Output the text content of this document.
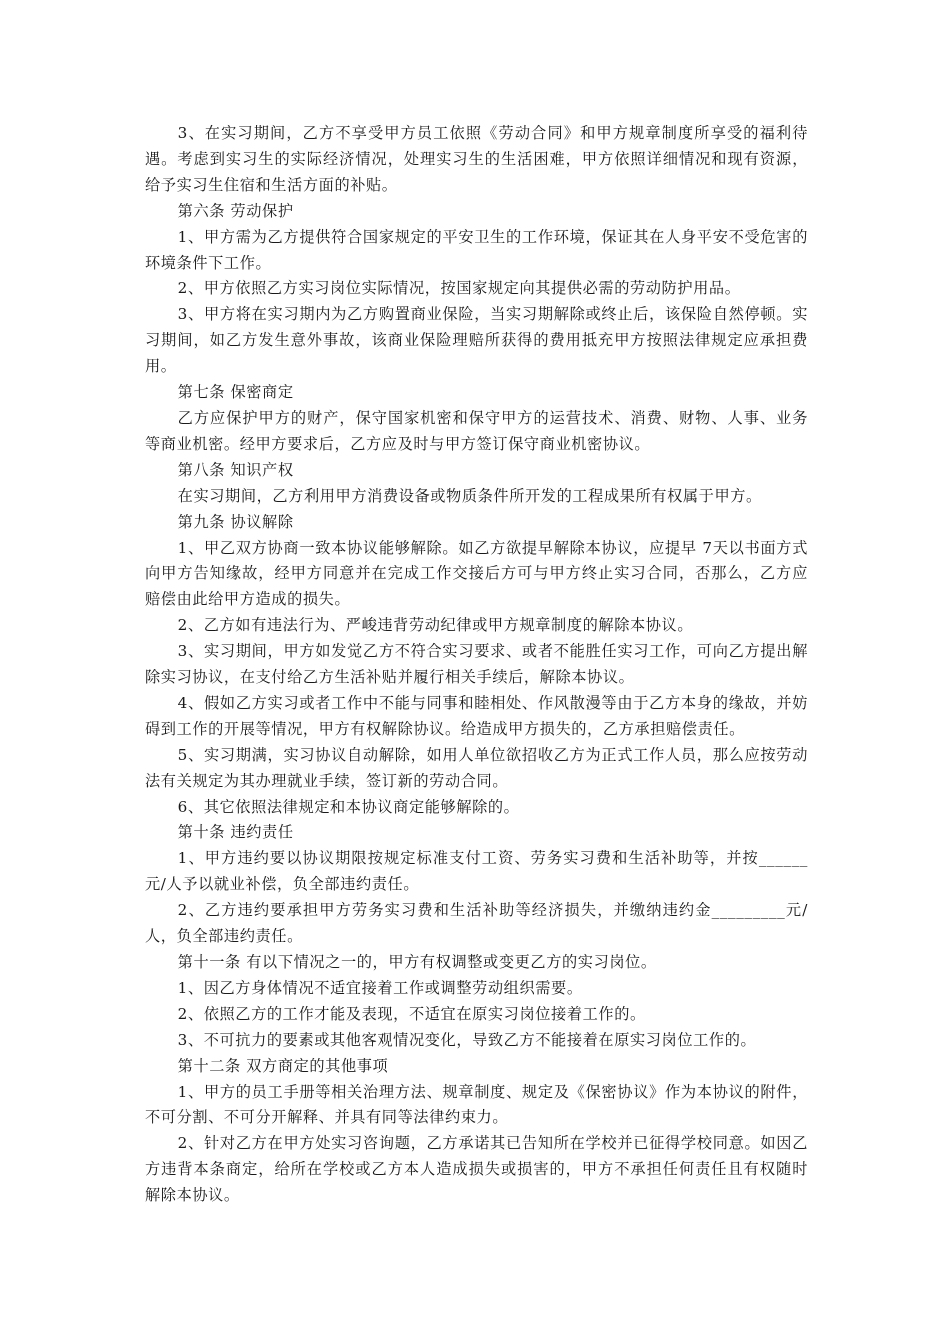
3、在实习期间，乙方不享受甲方员工依照《劳动合同》和甲方规章制度所享受的福利待遇。考虑到实习生的实际经济情况，处理实习生的生活困难，甲方依照详细情况和现有资源，给予实习生住宿和生活方面的补贴。

第六条 劳动保护

1、甲方需为乙方提供符合国家规定的平安卫生的工作环境，保证其在人身平安不受危害的环境条件下工作。

2、甲方依照乙方实习岗位实际情况，按国家规定向其提供必需的劳动防护用品。

3、甲方将在实习期内为乙方购置商业保险，当实习期解除或终止后，该保险自然停顿。实习期间，如乙方发生意外事故，该商业保险理赔所获得的费用抵充甲方按照法律规定应承担费用。

第七条 保密商定

乙方应保护甲方的财产，保守国家机密和保守甲方的运营技术、消费、财物、人事、业务等商业机密。经甲方要求后，乙方应及时与甲方签订保守商业机密协议。

第八条 知识产权

在实习期间，乙方利用甲方消费设备或物质条件所开发的工程成果所有权属于甲方。

第九条 协议解除

1、甲乙双方协商一致本协议能够解除。如乙方欲提早解除本协议，应提早 7天以书面方式向甲方告知缘故，经甲方同意并在完成工作交接后方可与甲方终止实习合同，否那么，乙方应赔偿由此给甲方造成的损失。

2、乙方如有违法行为、严峻违背劳动纪律或甲方规章制度的解除本协议。

3、实习期间，甲方如发觉乙方不符合实习要求、或者不能胜任实习工作，可向乙方提出解除实习协议，在支付给乙方生活补贴并履行相关手续后，解除本协议。

4、假如乙方实习或者工作中不能与同事和睦相处、作风散漫等由于乙方本身的缘故，并妨碍到工作的开展等情况，甲方有权解除协议。给造成甲方损失的，乙方承担赔偿责任。

5、实习期满，实习协议自动解除，如用人单位欲招收乙方为正式工作人员，那么应按劳动法有关规定为其办理就业手续，签订新的劳动合同。

6、其它依照法律规定和本协议商定能够解除的。

第十条 违约责任

1、甲方违约要以协议期限按规定标准支付工资、劳务实习费和生活补助等，并按______元/人予以就业补偿，负全部违约责任。

2、乙方违约要承担甲方劳务实习费和生活补助等经济损失，并缴纳违约金_________元/人，负全部违约责任。

第十一条 有以下情况之一的，甲方有权调整或变更乙方的实习岗位。

1、因乙方身体情况不适宜接着工作或调整劳动组织需要。

2、依照乙方的工作才能及表现，不适宜在原实习岗位接着工作的。

3、不可抗力的要素或其他客观情况变化，导致乙方不能接着在原实习岗位工作的。

第十二条 双方商定的其他事项

1、甲方的员工手册等相关治理方法、规章制度、规定及《保密协议》作为本协议的附件，不可分割、不可分开解释、并具有同等法律约束力。

2、针对乙方在甲方处实习咨询题，乙方承诺其已告知所在学校并已征得学校同意。如因乙方违背本条商定，给所在学校或乙方本人造成损失或损害的，甲方不承担任何责任且有权随时解除本协议。
